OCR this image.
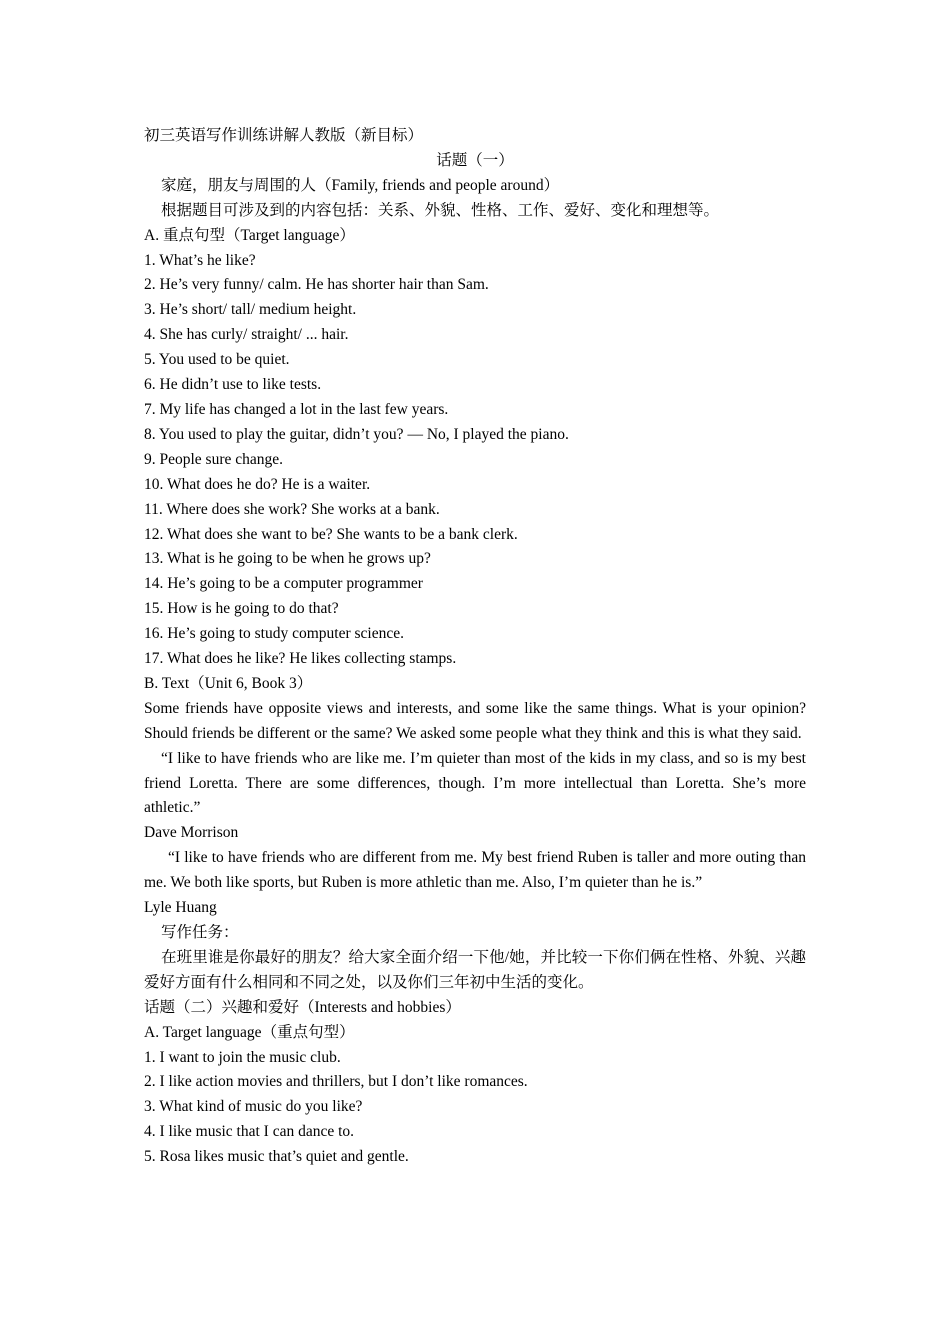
初三英语写作训练讲解人教版（新目标）
话题（一）
家庭，朋友与周围的人（Family, friends and people around）
根据题目可涉及到的内容包括：关系、外貌、性格、工作、爱好、变化和理想等。
A. 重点句型（Target language）
1. What’s he like?
2. He’s very funny/ calm. He has shorter hair than Sam.
3. He’s short/ tall/ medium height.
4. She has curly/ straight/ ... hair.
5. You used to be quiet.
6. He didn’t use to like tests.
7. My life has changed a lot in the last few years.
8. You used to play the guitar, didn’t you? — No, I played the piano.
9. People sure change.
10. What does he do? He is a waiter.
11. Where does she work? She works at a bank.
12. What does she want to be? She wants to be a bank clerk.
13. What is he going to be when he grows up?
14. He’s going to be a computer programmer
15. How is he going to do that?
16. He’s going to study computer science.
17. What does he like? He likes collecting stamps.
B. Text（Unit 6, Book 3）
Some friends have opposite views and interests, and some like the same things. What is your opinion? Should friends be different or the same? We asked some people what they think and this is what they said.
“I like to have friends who are like me. I’m quieter than most of the kids in my class, and so is my best friend Loretta. There are some differences, though. I’m more intellectual than Loretta. She’s more athletic.”
Dave Morrison
“I like to have friends who are different from me. My best friend Ruben is taller and more outing than me. We both like sports, but Ruben is more athletic than me. Also, I’m quieter than he is.”
Lyle Huang
写作任务：
在班里谁是你最好的朋友？给大家全面介绍一下他/她，并比较一下你们俩在性格、外貌、兴趣爱好方面有什么相同和不同之处，以及你们三年初中生活的变化。
话题（二）兴趣和爱好（Interests and hobbies）
A. Target language（重点句型）
1. I want to join the music club.
2. I like action movies and thrillers, but I don’t like romances.
3. What kind of music do you like?
4. I like music that I can dance to.
5. Rosa likes music that’s quiet and gentle.
